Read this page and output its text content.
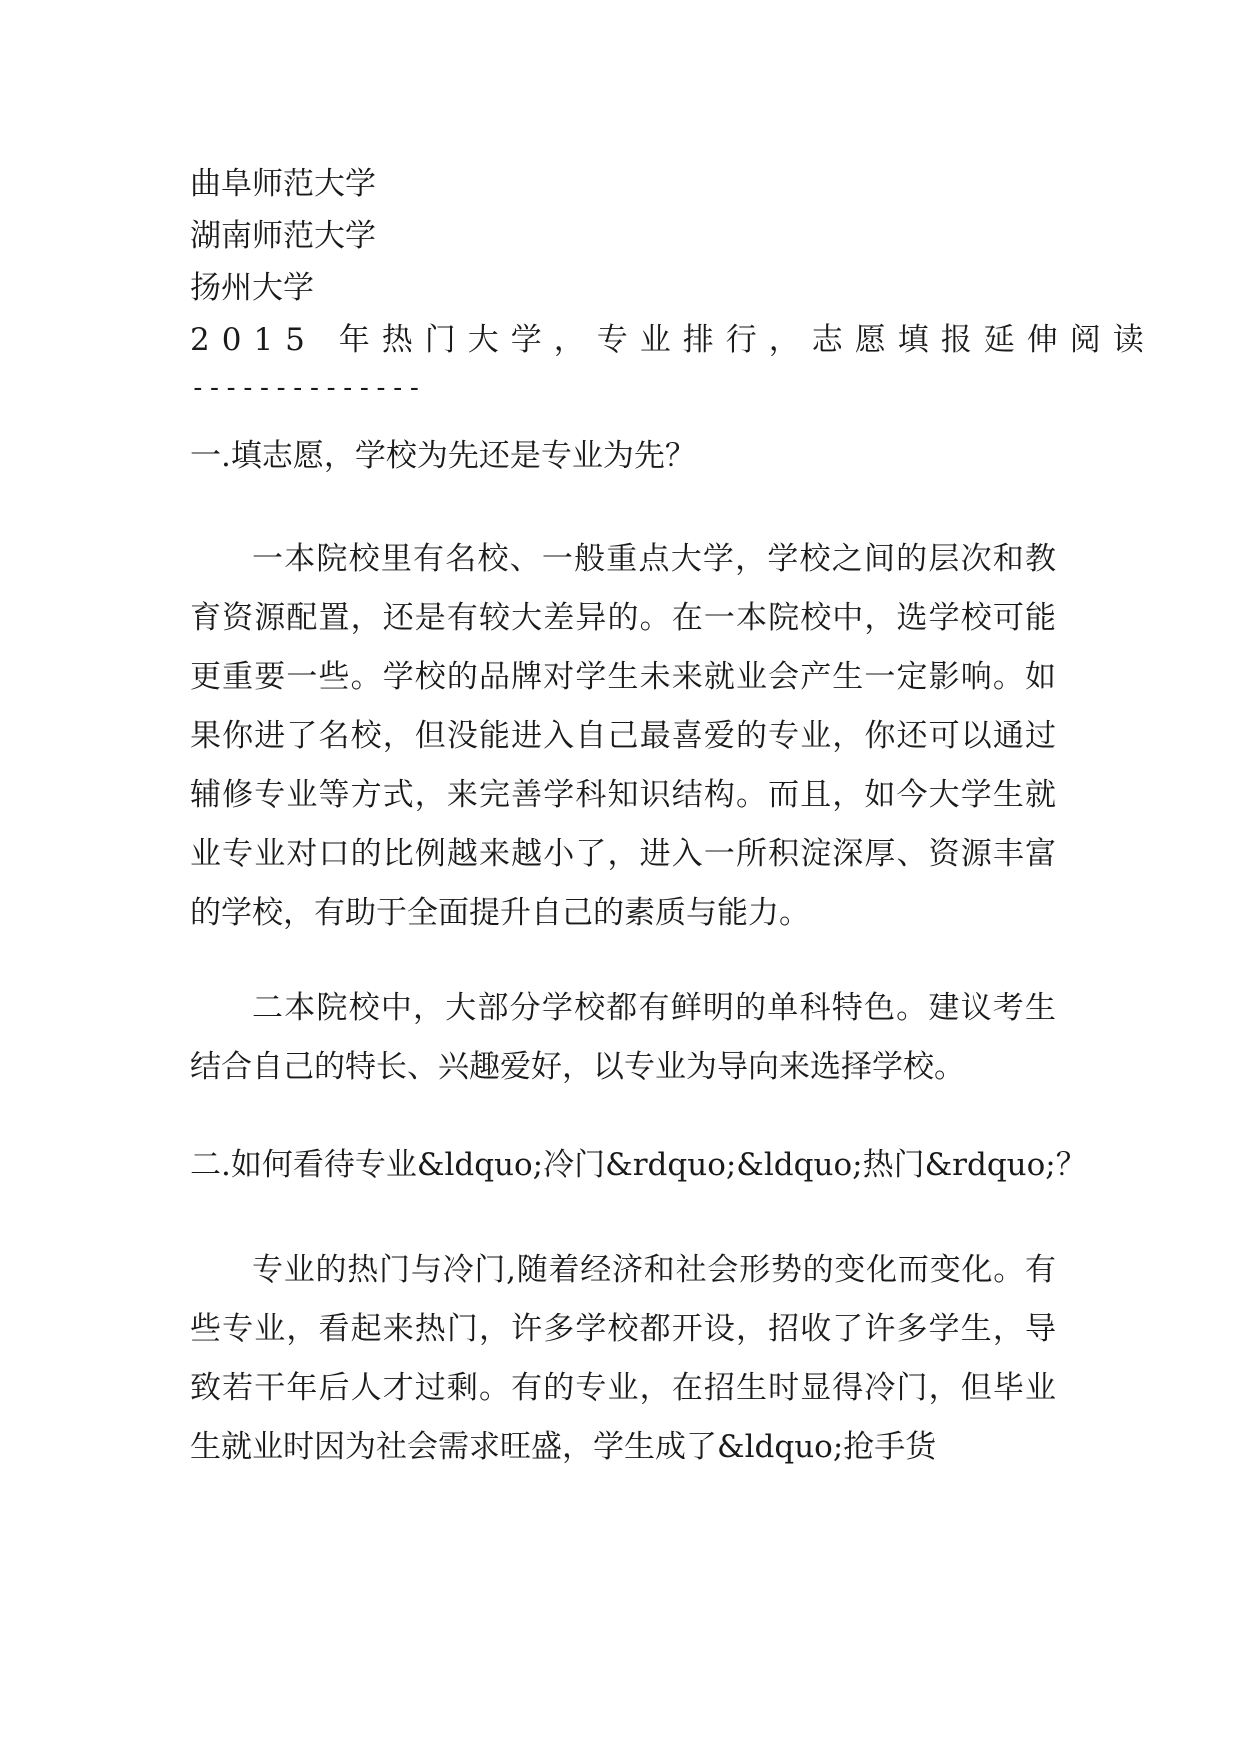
曲阜师范大学
湖南师范大学
扬州大学
2015 年热门大学，专业排行，志愿填报延伸阅读
--------------
一.填志愿，学校为先还是专业为先？

一本院校里有名校、一般重点大学，学校之间的层次和教育资源配置，还是有较大差异的。在一本院校中，选学校可能更重要一些。学校的品牌对学生未来就业会产生一定影响。如果你进了名校，但没能进入自己最喜爱的专业，你还可以通过辅修专业等方式，来完善学科知识结构。而且，如今大学生就业专业对口的比例越来越小了，进入一所积淀深厚、资源丰富的学校，有助于全面提升自己的素质与能力。

二本院校中，大部分学校都有鲜明的单科特色。建议考生结合自己的特长、兴趣爱好，以专业为导向来选择学校。

二.如何看待专业&ldquo;冷门&rdquo;&ldquo;热门&rdquo;？

专业的热门与冷门,随着经济和社会形势的变化而变化。有些专业，看起来热门，许多学校都开设，招收了许多学生，导致若干年后人才过剩。有的专业，在招生时显得冷门，但毕业生就业时因为社会需求旺盛，学生成了&ldquo;抢手货
